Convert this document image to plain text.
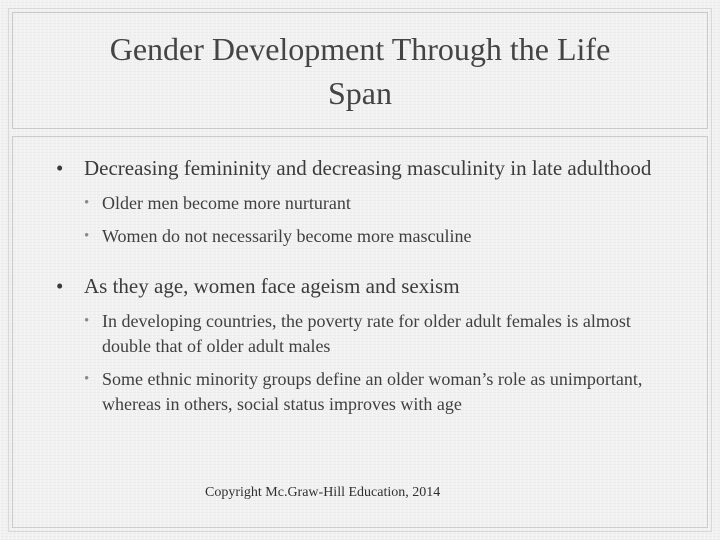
Gender Development Through the Life Span
• Decreasing femininity and decreasing masculinity in late adulthood
• Older men become more nurturant
• Women do not necessarily become more masculine
• As they age, women face ageism and sexism
• In developing countries, the poverty rate for older adult females is almost double that of older adult males
• Some ethnic minority groups define an older woman’s role as unimportant, whereas in others, social status improves with age
Copyright Mc.Graw-Hill Education, 2014
